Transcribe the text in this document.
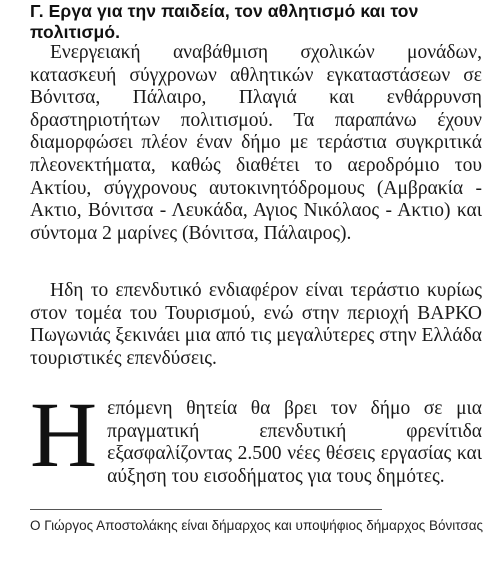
Γ. Εργα για την παιδεία, τον αθλητισμό και τον πολιτισμό.

Ενεργειακή αναβάθμιση σχολικών μονάδων, κατασκευή σύγχρονων αθλητικών εγκαταστάσεων σε Βόνιτσα, Πάλαιρο, Πλαγιά και ενθάρρυνση δραστηριοτήτων πολιτισμού. Τα παραπάνω έχουν διαμορφώσει πλέον έναν δήμο με τεράστια συγκριτικά πλεονεκτήματα, καθώς διαθέτει το αεροδρόμιο του Ακτίου, σύγχρονους αυτοκινητόδρομους (Αμβρακία - Ακτιο, Βόνιτσα - Λευκάδα, Αγιος Νικόλαος - Ακτιο) και σύντομα 2 μαρίνες (Βόνιτσα, Πάλαιρος).

Ηδη το επενδυτικό ενδιαφέρον είναι τεράστιο κυρίως στον τομέα του Τουρισμού, ενώ στην περιοχή ΒΑΡΚΟ Πωγωνιάς ξεκινάει μια από τις μεγαλύτερες στην Ελλάδα τουριστικές επενδύσεις.

Ηεπόμενη θητεία θα βρει τον δήμο σε μια πραγματική επενδυτική φρενίτιδα εξασφαλίζοντας 2.500 νέες θέσεις εργασίας και αύξηση του εισοδήματος για τους δημότες.

Ο Γιώργος Αποστολάκης είναι δήμαρχος και υποψήφιος δήμαρχος Βόνιτσας
